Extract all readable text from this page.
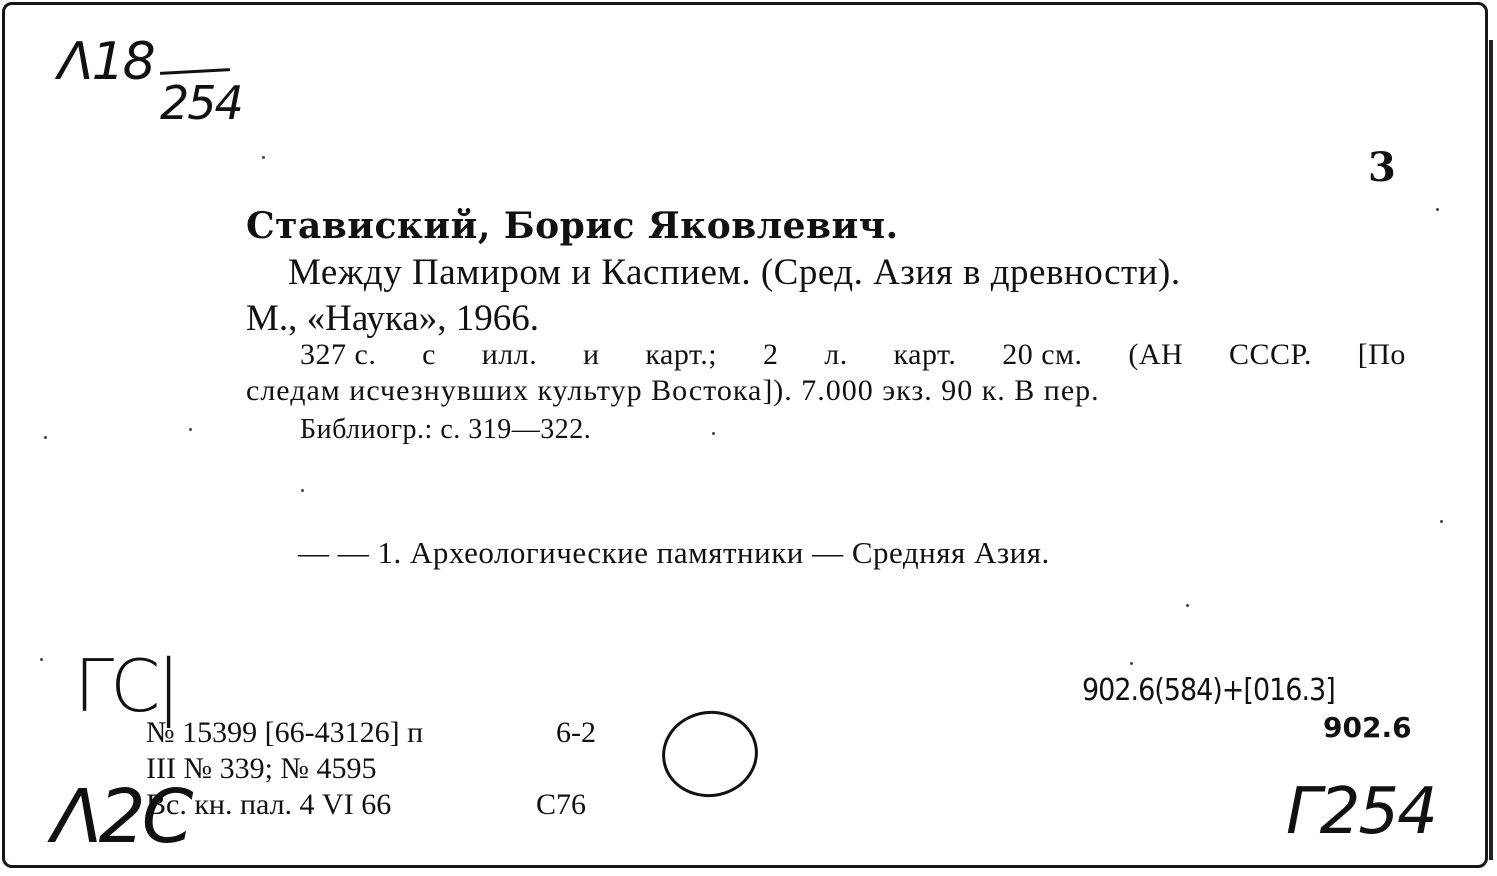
Λ18
254
ГС|
Λ2С	Г254
3
Ставиский, Борис Яковлевич.
Между Памиром и Каспием. (Сред. Азия в древности).
М., «Наука», 1966.
327 с. с илл. и карт.; 2 л. карт. 20 см. (АН СССР. [По
следам исчезнувших культур Востока]). 7.000 экз. 90 к. В пер.
Библиогр.: с. 319—322.
— — 1. Археологические памятники — Средняя Азия.
№ 15399 [66-43126] п	6-2
III № 339; № 4595
Вс. кн. пал. 4 VI 66	С76
902.6(584)+[016.3]
902.6
